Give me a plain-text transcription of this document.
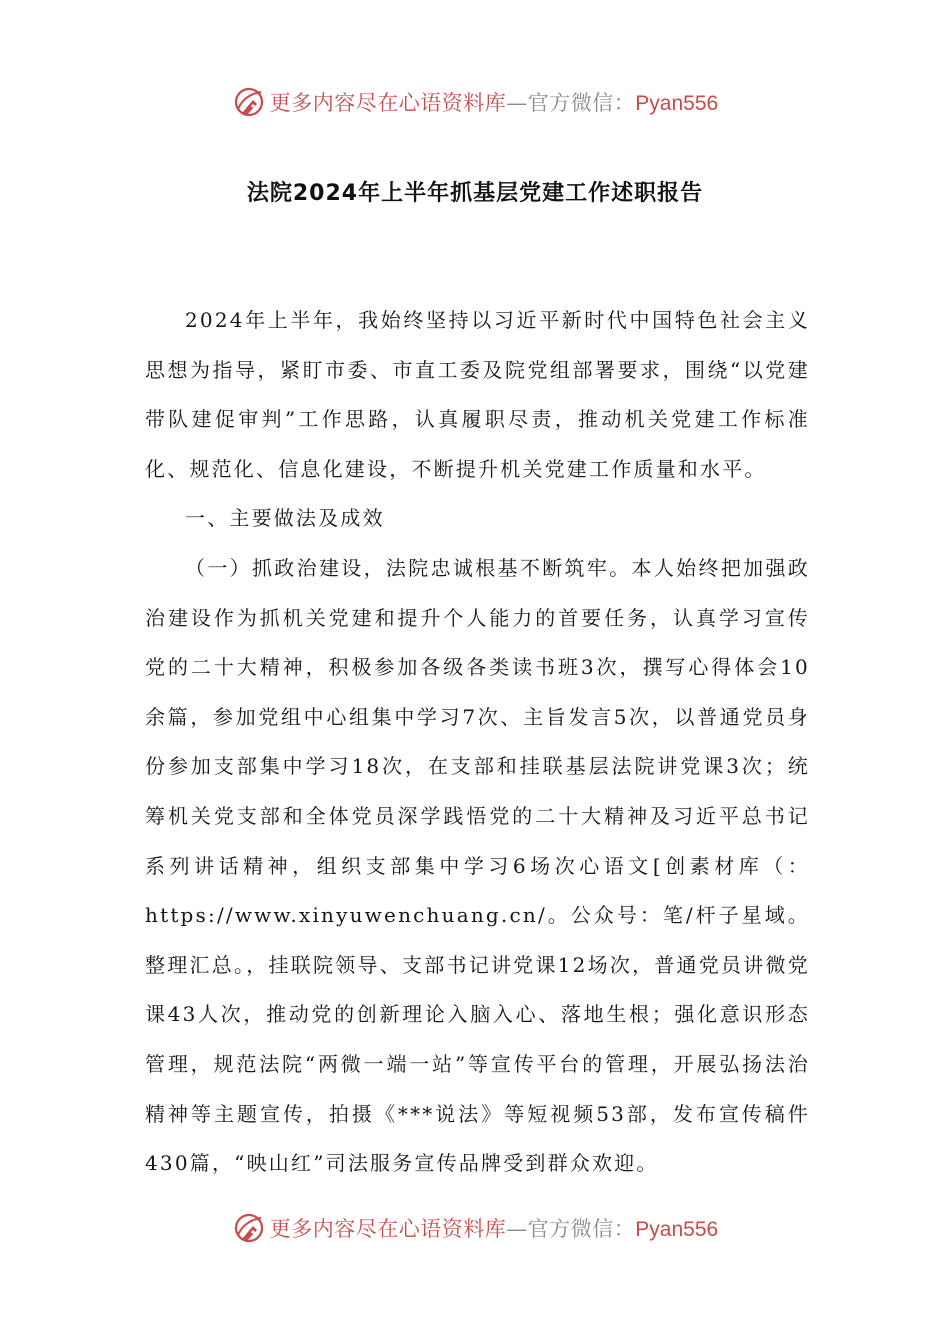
更多内容尽在心语资料库—官方微信：Pyan556
法院2024年上半年抓基层党建工作述职报告

2024年上半年，我始终坚持以习近平新时代中国特色社会主义思想为指导，紧盯市委、市直工委及院党组部署要求，围绕“以党建带队建促审判”工作思路，认真履职尽责，推动机关党建工作标准化、规范化、信息化建设，不断提升机关党建工作质量和水平。

一、主要做法及成效

（一）抓政治建设，法院忠诚根基不断筑牢。本人始终把加强政治建设作为抓机关党建和提升个人能力的首要任务，认真学习宣传党的二十大精神，积极参加各级各类读书班3次，撰写心得体会10余篇，参加党组中心组集中学习7次、主旨发言5次，以普通党员身份参加支部集中学习18次，在支部和挂联基层法院讲党课3次；统筹机关党支部和全体党员深学践悟党的二十大精神及习近平总书记系列讲话精神，组织支部集中学习6场次心语文[创素材库（：https://www.xinyuwenchuang.cn/。公众号：笔/杆子星域。整理汇总。，挂联院领导、支部书记讲党课12场次，普通党员讲微党课43人次，推动党的创新理论入脑入心、落地生根；强化意识形态管理，规范法院“两微一端一站”等宣传平台的管理，开展弘扬法治精神等主题宣传，拍摄《***说法》等短视频53部，发布宣传稿件430篇，“映山红”司法服务宣传品牌受到群众欢迎。

更多内容尽在心语资料库—官方微信：Pyan556
